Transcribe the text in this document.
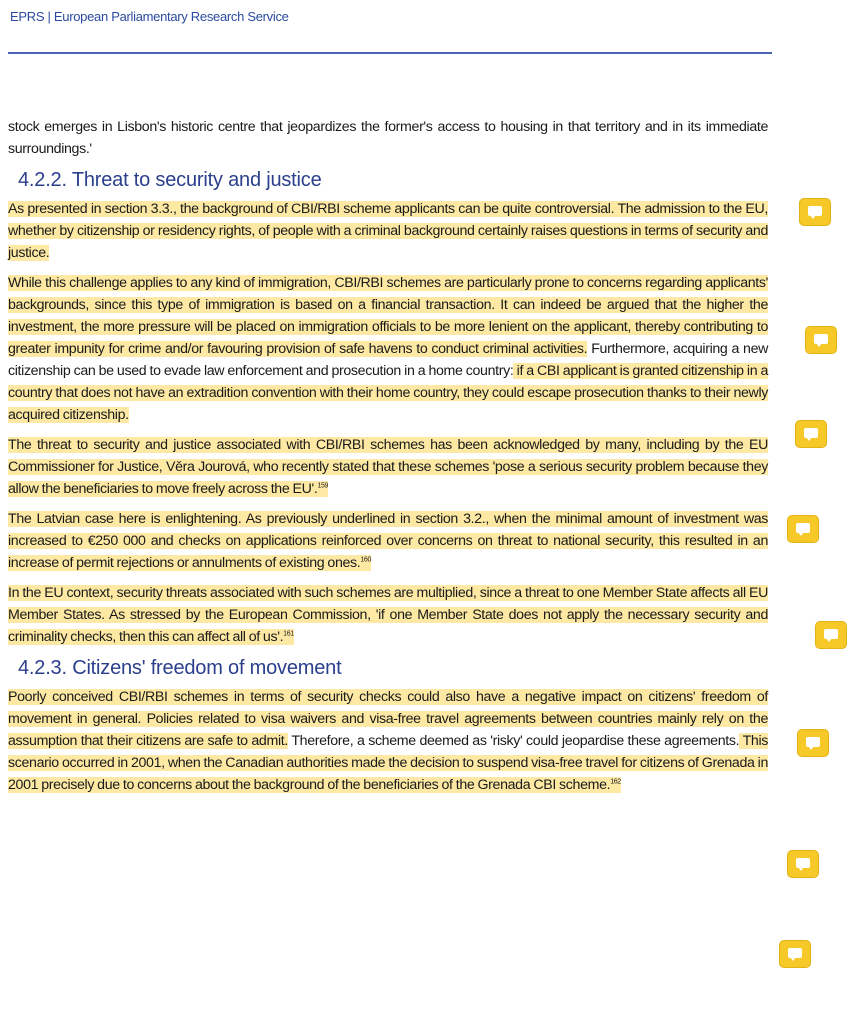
EPRS | European Parliamentary Research Service

stock emerges in Lisbon's historic centre that jeopardizes the former's access to housing in that territory and in its immediate surroundings.'

4.2.2. Threat to security and justice

As presented in section 3.3., the background of CBI/RBI scheme applicants can be quite controversial. The admission to the EU, whether by citizenship or residency rights, of people with a criminal background certainly raises questions in terms of security and justice.

While this challenge applies to any kind of immigration, CBI/RBI schemes are particularly prone to concerns regarding applicants' backgrounds, since this type of immigration is based on a financial transaction. It can indeed be argued that the higher the investment, the more pressure will be placed on immigration officials to be more lenient on the applicant, thereby contributing to greater impunity for crime and/or favouring provision of safe havens to conduct criminal activities. Furthermore, acquiring a new citizenship can be used to evade law enforcement and prosecution in a home country: if a CBI applicant is granted citizenship in a country that does not have an extradition convention with their home country, they could escape prosecution thanks to their newly acquired citizenship.

The threat to security and justice associated with CBI/RBI schemes has been acknowledged by many, including by the EU Commissioner for Justice, Věra Jourová, who recently stated that these schemes 'pose a serious security problem because they allow the beneficiaries to move freely across the EU'.$^{159}$

The Latvian case here is enlightening. As previously underlined in section 3.2., when the minimal amount of investment was increased to €250 000 and checks on applications reinforced over concerns on threat to national security, this resulted in an increase of permit rejections or annulments of existing ones.$^{160}$

In the EU context, security threats associated with such schemes are multiplied, since a threat to one Member State affects all EU Member States. As stressed by the European Commission, 'if one Member State does not apply the necessary security and criminality checks, then this can affect all of us'.$^{161}$

4.2.3. Citizens' freedom of movement

Poorly conceived CBI/RBI schemes in terms of security checks could also have a negative impact on citizens' freedom of movement in general. Policies related to visa waivers and visa-free travel agreements between countries mainly rely on the assumption that their citizens are safe to admit. Therefore, a scheme deemed as 'risky' could jeopardise these agreements. This scenario occurred in 2001, when the Canadian authorities made the decision to suspend visa-free travel for citizens of Grenada in 2001 precisely due to concerns about the background of the beneficiaries of the Grenada CBI scheme.$^{162}$
